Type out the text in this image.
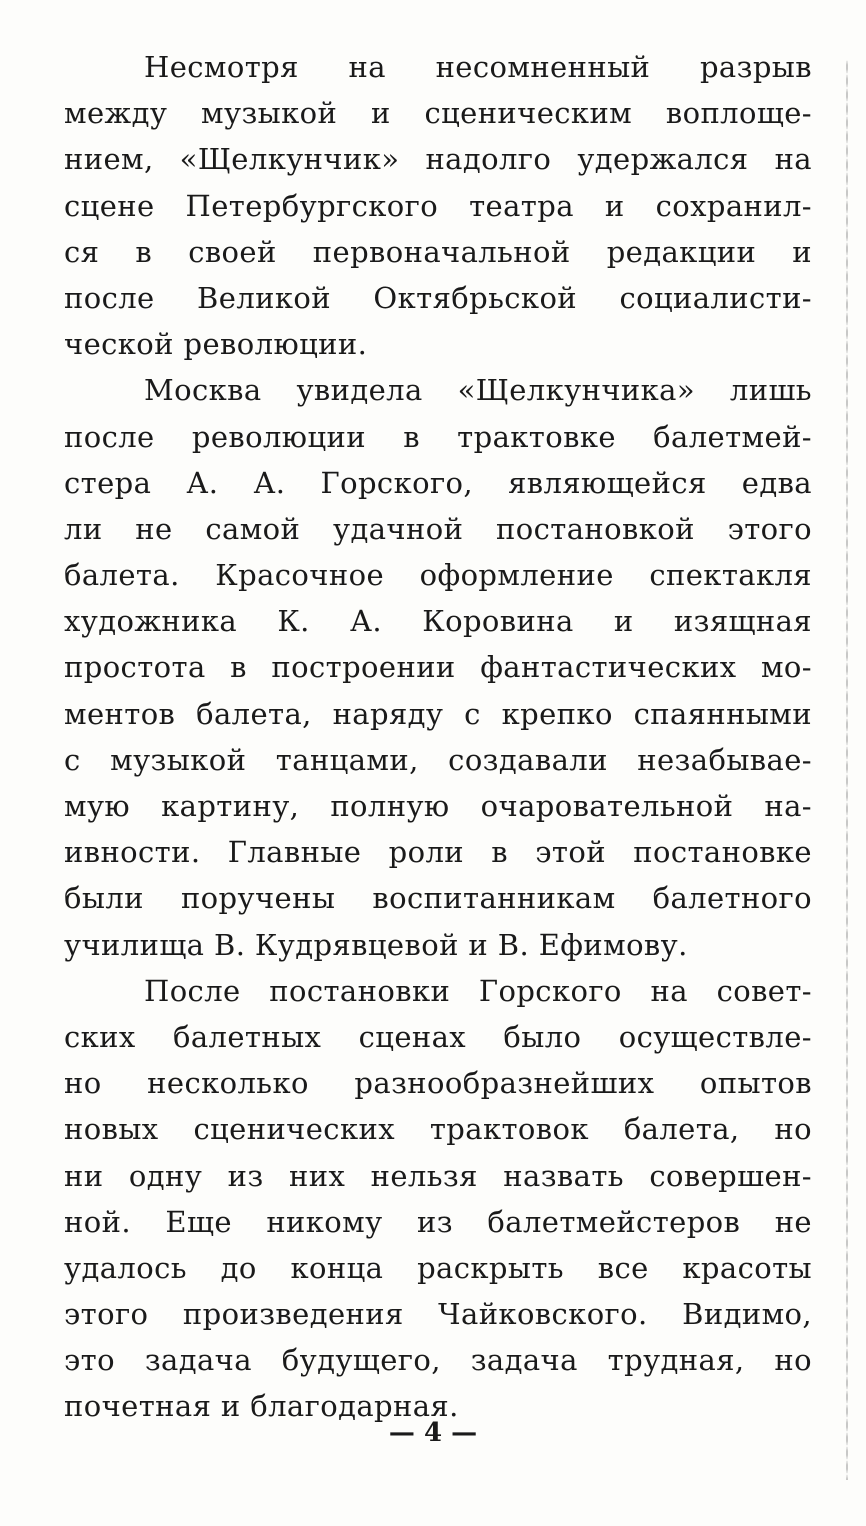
Несмотря на несомненный разрыв
между музыкой и сценическим воплоще-
нием, «Щелкунчик» надолго удержался на
сцене Петербургского театра и сохранил-
ся в своей первоначальной редакции и
после Великой Октябрьской социалисти-
ческой революции.
Москва увидела «Щелкунчика» лишь
после революции в трактовке балетмей-
стера А. А. Горского, являющейся едва
ли не самой удачной постановкой этого
балета. Красочное оформление спектакля
художника К. А. Коровина и изящная
простота в построении фантастических мо-
ментов балета, наряду с крепко спаянными
с музыкой танцами, создавали незабывае-
мую картину, полную очаровательной на-
ивности. Главные роли в этой постановке
были поручены воспитанникам балетного
училища В. Кудрявцевой и В. Ефимову.
После постановки Горского на совет-
ских балетных сценах было осуществле-
но несколько разнообразнейших опытов
новых сценических трактовок балета, но
ни одну из них нельзя назвать совершен-
ной. Еще никому из балетмейстеров не
удалось до конца раскрыть все красоты
этого произведения Чайковского. Видимо,
это задача будущего, задача трудная, но
почетная и благодарная.
— 4 —
